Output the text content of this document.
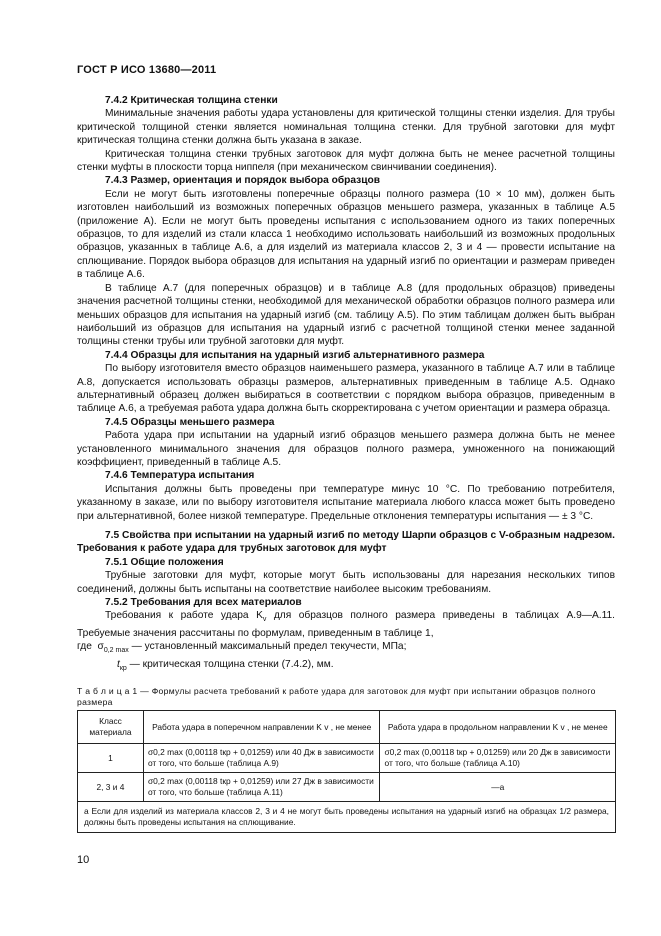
ГОСТ Р ИСО 13680—2011
7.4.2 Критическая толщина стенки

Минимальные значения работы удара установлены для критической толщины стенки изделия. Для трубы критической толщиной стенки является номинальная толщина стенки. Для трубной заготовки для муфт критическая толщина стенки должна быть указана в заказе.

Критическая толщина стенки трубных заготовок для муфт должна быть не менее расчетной толщины стенки муфты в плоскости торца ниппеля (при механическом свинчивании соединения).

7.4.3 Размер, ориентация и порядок выбора образцов

Если не могут быть изготовлены поперечные образцы полного размера (10 × 10 мм), должен быть изготовлен наибольший из возможных поперечных образцов меньшего размера, указанных в таблице А.5 (приложение А). Если не могут быть проведены испытания с использованием одного из таких поперечных образцов, то для изделий из стали класса 1 необходимо использовать наибольший из возможных продольных образцов, указанных в таблице А.6, а для изделий из материала классов 2, 3 и 4 — провести испытание на сплющивание. Порядок выбора образцов для испытания на ударный изгиб по ориентации и размерам приведен в таблице А.6.

В таблице А.7 (для поперечных образцов) и в таблице А.8 (для продольных образцов) приведены значения расчетной толщины стенки, необходимой для механической обработки образцов полного размера или меньших образцов для испытания на ударный изгиб (см. таблицу А.5). По этим таблицам должен быть выбран наибольший из образцов для испытания на ударный изгиб с расчетной толщиной стенки менее заданной толщины стенки трубы или трубной заготовки для муфт.

7.4.4 Образцы для испытания на ударный изгиб альтернативного размера

По выбору изготовителя вместо образцов наименьшего размера, указанного в таблице А.7 или в таблице А.8, допускается использовать образцы размеров, альтернативных приведенным в таблице А.5. Однако альтернативный образец должен выбираться в соответствии с порядком выбора образцов, приведенным в таблице А.6, а требуемая работа удара должна быть скорректирована с учетом ориентации и размера образца.

7.4.5 Образцы меньшего размера

Работа удара при испытании на ударный изгиб образцов меньшего размера должна быть не менее установленного минимального значения для образцов полного размера, умноженного на понижающий коэффициент, приведенный в таблице А.5.

7.4.6 Температура испытания

Испытания должны быть проведены при температуре минус 10 °С. По требованию потребителя, указанному в заказе, или по выбору изготовителя испытание материала любого класса может быть проведено при альтернативной, более низкой температуре. Предельные отклонения температуры испытания — ± 3 °С.

7.5 Свойства при испытании на ударный изгиб по методу Шарпи образцов с V-образным надрезом. Требования к работе удара для трубных заготовок для муфт
7.5.1 Общие положения

Трубные заготовки для муфт, которые могут быть использованы для нарезания нескольких типов соединений, должны быть испытаны на соответствие наиболее высоким требованиям.

7.5.2 Требования для всех материалов

Требования к работе удара $K_v$ для образцов полного размера приведены в таблицах А.9—А.11. Требуемые значения рассчитаны по формулам, приведенным в таблице 1,

где $\sigma_{0,2 max}$ — установленный максимальный предел текучести, МПа;
$t_{кр}$ — критическая толщина стенки (7.4.2), мм.
Т а б л и ц а 1 — Формулы расчета требований к работе удара для заготовок для муфт при испытании образцов полного размера
Класс материала	Работа удара в поперечном направлении K v , не менее	Работа удара в продольном направлении K v , не менее
1	σ0,2 max (0,00118 tкр + 0,01259) или 40 Дж в зависимости от того, что больше (таблица А.9)	σ0,2 max (0,00118 tкр + 0,01259) или 20 Дж в зависимости от того, что больше (таблица А.10)
2, 3 и 4	σ0,2 max (0,00118 tкр + 0,01259) или 27 Дж в зависимости от того, что больше (таблица А.11)	—a
a Если для изделий из материала классов 2, 3 и 4 не могут быть проведены испытания на ударный изгиб на образцах 1/2 размера, должны быть проведены испытания на сплющивание.		
10
